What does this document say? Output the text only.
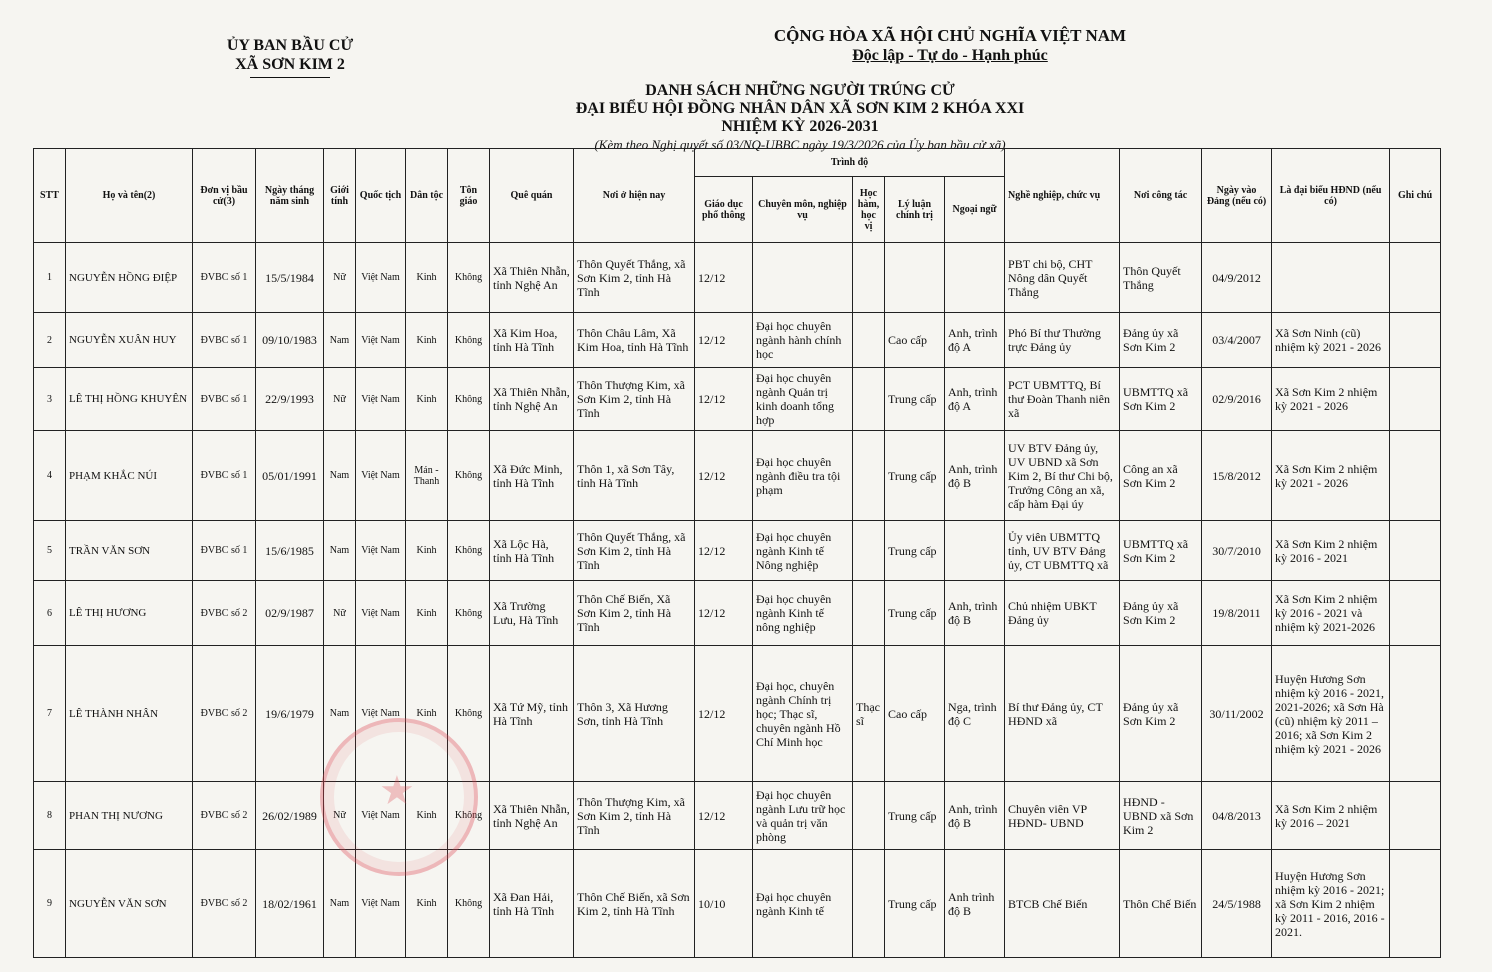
ỦY BAN BẦU CỬ
XÃ SƠN KIM 2
CỘNG HÒA XÃ HỘI CHỦ NGHĨA VIỆT NAM
Độc lập - Tự do - Hạnh phúc
DANH SÁCH NHỮNG NGƯỜI TRÚNG CỬ
ĐẠI BIỂU HỘI ĐỒNG NHÂN DÂN XÃ SƠN KIM 2 KHÓA XXI
NHIỆM KỲ 2026-2031
(Kèm theo Nghị quyết số 03/NQ-UBBC ngày 19/3/2026 của Ủy ban bầu cử xã)
STT	Họ và tên(2)	Đơn vị bầu cử(3)	Ngày tháng năm sinh	Giới tính	Quốc tịch	Dân tộc	Tôn giáo	Quê quán	Nơi ở hiện nay	Trình độ					Nghề nghiệp, chức vụ	Nơi công tác	Ngày vào Đảng (nếu có)	Là đại biểu HĐND (nếu có)	Ghi chú
										Giáo dục phổ thông	Chuyên môn, nghiệp vụ	Học hàm, học vị	Lý luận chính trị	Ngoại ngữ					
1	NGUYỄN HỒNG ĐIỆP	ĐVBC số 1	15/5/1984	Nữ	Việt Nam	Kinh	Không	Xã Thiên Nhẫn, tỉnh Nghệ An	Thôn Quyết Thắng, xã Sơn Kim 2, tỉnh Hà Tĩnh	12/12					PBT chi bộ, CHT Nông dân Quyết Thắng	Thôn Quyết Thắng	04/9/2012		
2	NGUYỄN XUÂN HUY	ĐVBC số 1	09/10/1983	Nam	Việt Nam	Kinh	Không	Xã Kim Hoa, tỉnh Hà Tĩnh	Thôn Châu Lâm, Xã Kim Hoa, tỉnh Hà Tĩnh	12/12	Đại học chuyên ngành hành chính học		Cao cấp	Anh, trình độ A	Phó Bí thư Thường trực Đảng ủy	Đảng ủy xã Sơn Kim 2	03/4/2007	Xã Sơn Ninh (cũ) nhiệm kỳ 2021 - 2026	
3	LÊ THỊ HỒNG KHUYÊN	ĐVBC số 1	22/9/1993	Nữ	Việt Nam	Kinh	Không	Xã Thiên Nhẫn, tỉnh Nghệ An	Thôn Thượng Kim, xã Sơn Kim 2, tỉnh Hà Tĩnh	12/12	Đại học chuyên ngành Quản trị kinh doanh tổng hợp		Trung cấp	Anh, trình độ A	PCT UBMTTQ, Bí thư Đoàn Thanh niên xã	UBMTTQ xã Sơn Kim 2	02/9/2016	Xã Sơn Kim 2 nhiệm kỳ 2021 - 2026	
4	PHẠM KHẮC NÚI	ĐVBC số 1	05/01/1991	Nam	Việt Nam	Mán - Thanh	Không	Xã Đức Minh, tỉnh Hà Tĩnh	Thôn 1, xã Sơn Tây, tỉnh Hà Tĩnh	12/12	Đại học chuyên ngành điều tra tội phạm		Trung cấp	Anh, trình độ B	UV BTV Đảng ủy, UV UBND xã Sơn Kim 2, Bí thư Chi bộ, Trưởng Công an xã, cấp hàm Đại úy	Công an xã Sơn Kim 2	15/8/2012	Xã Sơn Kim 2 nhiệm kỳ 2021 - 2026	
5	TRẦN VĂN SƠN	ĐVBC số 1	15/6/1985	Nam	Việt Nam	Kinh	Không	Xã Lộc Hà, tỉnh Hà Tĩnh	Thôn Quyết Thắng, xã Sơn Kim 2, tỉnh Hà Tĩnh	12/12	Đại học chuyên ngành Kinh tế Nông nghiệp		Trung cấp		Ủy viên UBMTTQ tỉnh, UV BTV Đảng ủy, CT UBMTTQ xã	UBMTTQ xã Sơn Kim 2	30/7/2010	Xã Sơn Kim 2 nhiệm kỳ 2016 - 2021	
6	LÊ THỊ HƯƠNG	ĐVBC số 2	02/9/1987	Nữ	Việt Nam	Kinh	Không	Xã Trường Lưu, Hà Tĩnh	Thôn Chế Biến, Xã Sơn Kim 2, tỉnh Hà Tĩnh	12/12	Đại học chuyên ngành Kinh tế nông nghiệp		Trung cấp	Anh, trình độ B	Chủ nhiệm UBKT Đảng ủy	Đảng ủy xã Sơn Kim 2	19/8/2011	Xã Sơn Kim 2 nhiệm kỳ 2016 - 2021 và nhiệm kỳ 2021-2026	
7	LÊ THÀNH NHÂN	ĐVBC số 2	19/6/1979	Nam	Việt Nam	Kinh	Không	Xã Tứ Mỹ, tỉnh Hà Tĩnh	Thôn 3, Xã Hương Sơn, tỉnh Hà Tĩnh	12/12	Đại học, chuyên ngành Chính trị học; Thạc sĩ, chuyên ngành Hồ Chí Minh học	Thạc sĩ	Cao cấp	Nga, trình độ C	Bí thư Đảng ủy, CT HĐND xã	Đảng ủy xã Sơn Kim 2	30/11/2002	Huyện Hương Sơn nhiệm kỳ 2016 - 2021, 2021-2026; xã Sơn Hà (cũ) nhiệm kỳ 2011 – 2016; xã Sơn Kim 2 nhiệm kỳ 2021 - 2026	
8	PHAN THỊ NƯƠNG	ĐVBC số 2	26/02/1989	Nữ	Việt Nam	Kinh	Không	Xã Thiên Nhẫn, tỉnh Nghệ An	Thôn Thượng Kim, xã Sơn Kim 2, tỉnh Hà Tĩnh	12/12	Đại học chuyên ngành Lưu trữ học và quản trị văn phòng		Trung cấp	Anh, trình độ B	Chuyên viên VP HĐND- UBND	HĐND - UBND xã Sơn Kim 2	04/8/2013	Xã Sơn Kim 2 nhiệm kỳ 2016 – 2021	
9	NGUYỄN VĂN SƠN	ĐVBC số 2	18/02/1961	Nam	Việt Nam	Kinh	Không	Xã Đan Hải, tỉnh Hà Tĩnh	Thôn Chế Biến, xã Sơn Kim 2, tỉnh Hà Tĩnh	10/10	Đại học chuyên ngành Kinh tế		Trung cấp	Anh trình độ B	BTCB Chế Biến	Thôn Chế Biến	24/5/1988	Huyện Hương Sơn nhiệm kỳ 2016 - 2021; xã Sơn Kim 2 nhiệm kỳ 2011 - 2016, 2016 - 2021.	
★
